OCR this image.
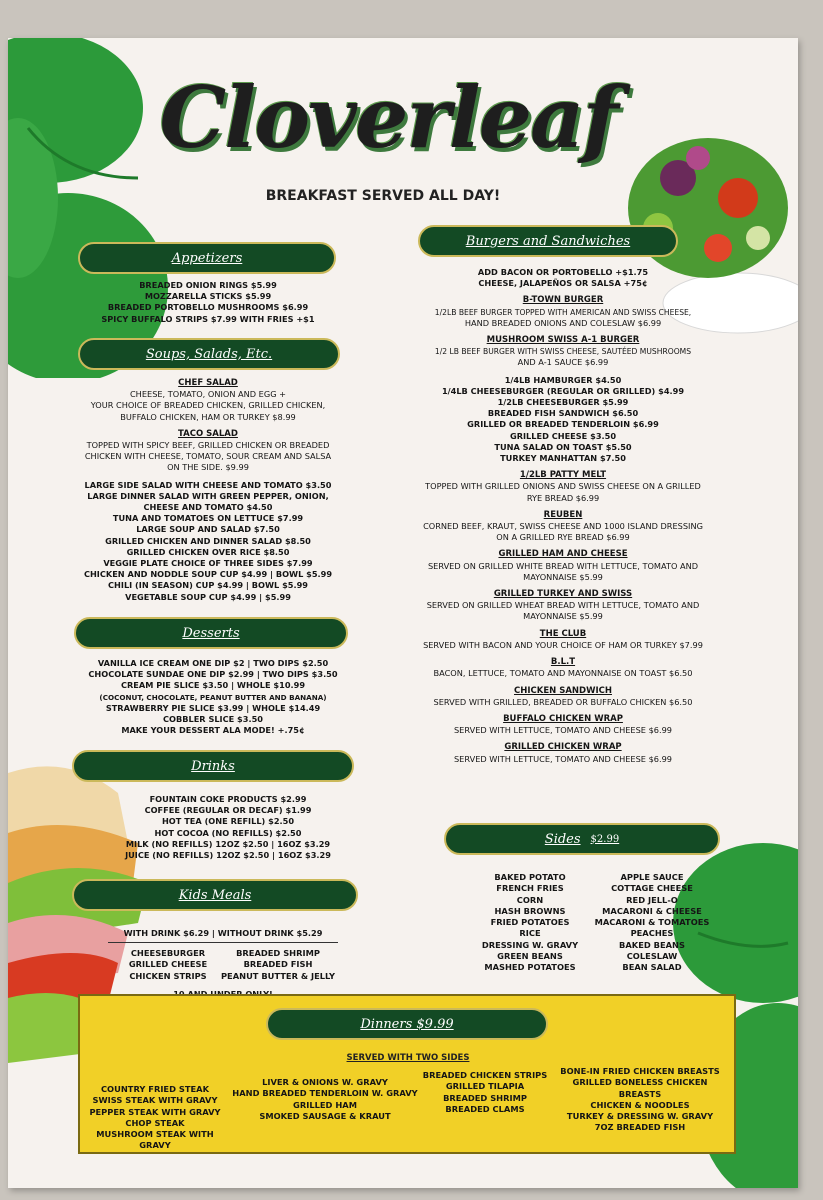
Cloverleaf
BREAKFAST SERVED ALL DAY!
Appetizers
BREADED ONION RINGS $5.99
MOZZARELLA STICKS $5.99
BREADED PORTOBELLO MUSHROOMS $6.99
SPICY BUFFALO STRIPS $7.99 WITH FRIES +$1
Soups, Salads, Etc.
CHEF SALAD
CHEESE, TOMATO, ONION AND EGG +
YOUR CHOICE OF BREADED CHICKEN, GRILLED CHICKEN,
BUFFALO CHICKEN, HAM OR TURKEY $8.99
TACO SALAD
TOPPED WITH SPICY BEEF, GRILLED CHICKEN OR BREADED
CHICKEN WITH CHEESE, TOMATO, SOUR CREAM AND SALSA
ON THE SIDE. $9.99
LARGE SIDE SALAD WITH CHEESE AND TOMATO $3.50
LARGE DINNER SALAD WITH GREEN PEPPER, ONION,
CHEESE AND TOMATO $4.50
TUNA AND TOMATOES ON LETTUCE $7.99
LARGE SOUP AND SALAD $7.50
GRILLED CHICKEN AND DINNER SALAD $8.50
GRILLED CHICKEN OVER RICE $8.50
VEGGIE PLATE CHOICE OF THREE SIDES $7.99
CHICKEN AND NODDLE SOUP CUP $4.99 | BOWL $5.99
CHILI (IN SEASON) CUP $4.99 | BOWL $5.99
VEGETABLE SOUP CUP $4.99 | $5.99
Desserts
VANILLA ICE CREAM ONE DIP $2 | TWO DIPS $2.50
CHOCOLATE SUNDAE ONE DIP $2.99 | TWO DIPS $3.50
CREAM PIE SLICE $3.50 | WHOLE $10.99
(COCONUT, CHOCOLATE, PEANUT BUTTER AND BANANA)
STRAWBERRY PIE SLICE $3.99 | WHOLE $14.49
COBBLER SLICE $3.50
MAKE YOUR DESSERT ALA MODE! +.75¢
Drinks
FOUNTAIN COKE PRODUCTS $2.99
COFFEE (REGULAR OR DECAF) $1.99
HOT TEA (ONE REFILL) $2.50
HOT COCOA (NO REFILLS) $2.50
MILK (NO REFILLS) 12OZ $2.50 | 16OZ $3.29
JUICE (NO REFILLS) 12OZ $2.50 | 16OZ $3.29
Kids Meals
WITH DRINK $6.29 | WITHOUT DRINK $5.29
CHEESEBURGER
GRILLED CHEESE
CHICKEN STRIPS
BREADED SHRIMP
BREADED FISH
PEANUT BUTTER & JELLY
Burgers and Sandwiches
ADD BACON OR PORTOBELLO +$1.75
CHEESE, JALAPEÑOS OR SALSA +75¢
B-TOWN BURGER
1/2LB BEEF BURGER TOPPED WITH AMERICAN AND SWISS CHEESE,
HAND BREADED ONIONS AND COLESLAW $6.99
MUSHROOM SWISS A-1 BURGER
1/2 LB BEEF BURGER WITH SWISS CHEESE, SAUTÉED MUSHROOMS
AND A-1 SAUCE $6.99
1/4LB HAMBURGER $4.50
1/4LB CHEESEBURGER (REGULAR OR GRILLED) $4.99
1/2LB CHEESEBURGER $5.99
BREADED FISH SANDWICH $6.50
GRILLED OR BREADED TENDERLOIN $6.99
GRILLED CHEESE $3.50
TUNA SALAD ON TOAST $5.50
TURKEY MANHATTAN $7.50
1/2LB PATTY MELT
TOPPED WITH GRILLED ONIONS AND SWISS CHEESE ON A GRILLED
RYE BREAD $6.99
REUBEN
CORNED BEEF, KRAUT, SWISS CHEESE AND 1000 ISLAND DRESSING
ON A GRILLED RYE BREAD $6.99
GRILLED HAM AND CHEESE
SERVED ON GRILLED WHITE BREAD WITH LETTUCE, TOMATO AND
MAYONNAISE $5.99
GRILLED TURKEY AND SWISS
SERVED ON GRILLED WHEAT BREAD WITH LETTUCE, TOMATO AND
MAYONNAISE $5.99
THE CLUB
SERVED WITH BACON AND YOUR CHOICE OF HAM OR TURKEY $7.99
B.L.T
BACON, LETTUCE, TOMATO AND MAYONNAISE ON TOAST $6.50
CHICKEN SANDWICH
SERVED WITH GRILLED, BREADED OR BUFFALO CHICKEN $6.50
BUFFALO CHICKEN WRAP
SERVED WITH LETTUCE, TOMATO AND CHEESE $6.99
GRILLED CHICKEN WRAP
SERVED WITH LETTUCE, TOMATO AND CHEESE $6.99
Sides $2.99
BAKED POTATO
FRENCH FRIES
CORN
HASH BROWNS
FRIED POTATOES
RICE
DRESSING W. GRAVY
GREEN BEANS
MASHED POTATOES
APPLE SAUCE
COTTAGE CHEESE
RED JELL-O
MACARONI & CHEESE
MACARONI & TOMATOES
PEACHES
BAKED BEANS
COLESLAW
BEAN SALAD
Dinners $9.99
SERVED WITH TWO SIDES
COUNTRY FRIED STEAK
SWISS STEAK WITH GRAVY
PEPPER STEAK WITH GRAVY
CHOP STEAK
MUSHROOM STEAK WITH GRAVY
LIVER & ONIONS W. GRAVY
HAND BREADED TENDERLOIN W. GRAVY
GRILLED HAM
SMOKED SAUSAGE & KRAUT
BREADED CHICKEN STRIPS
GRILLED TILAPIA
BREADED SHRIMP
BREADED CLAMS
BONE-IN FRIED CHICKEN BREASTS
GRILLED BONELESS CHICKEN BREASTS
CHICKEN & NOODLES
TURKEY & DRESSING W. GRAVY
7OZ BREADED FISH
